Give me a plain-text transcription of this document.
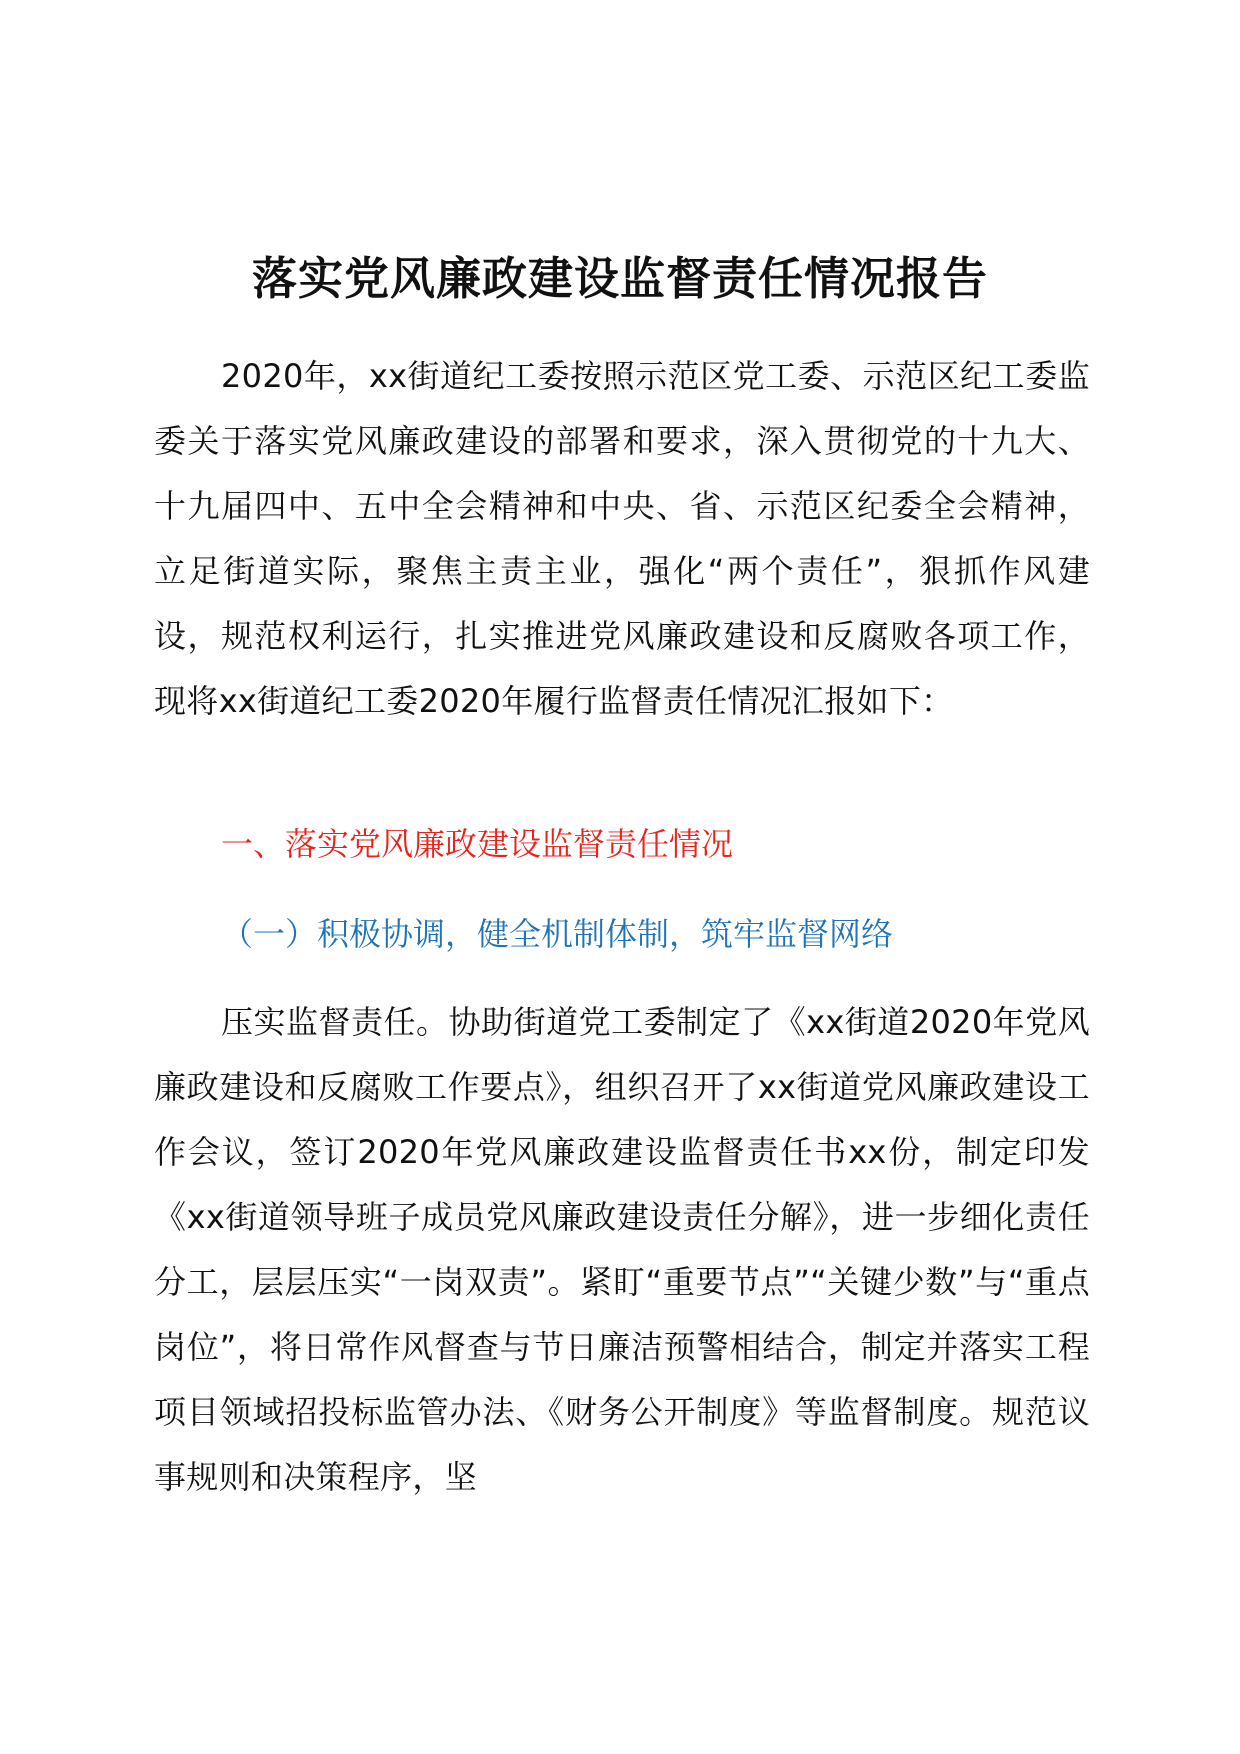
落实党风廉政建设监督责任情况报告

2020年，xx街道纪工委按照示范区党工委、示范区纪工委监委关于落实党风廉政建设的部署和要求，深入贯彻党的十九大、十九届四中、五中全会精神和中央、省、示范区纪委全会精神，立足街道实际，聚焦主责主业，强化“两个责任”，狠抓作风建设，规范权利运行，扎实推进党风廉政建设和反腐败各项工作，现将xx街道纪工委2020年履行监督责任情况汇报如下：

一、落实党风廉政建设监督责任情况
（一）积极协调，健全机制体制，筑牢监督网络

压实监督责任。协助街道党工委制定了《xx街道2020年党风廉政建设和反腐败工作要点》，组织召开了xx街道党风廉政建设工作会议，签订2020年党风廉政建设监督责任书xx份，制定印发《xx街道领导班子成员党风廉政建设责任分解》，进一步细化责任分工，层层压实“一岗双责”。紧盯“重要节点”“关键少数”与“重点岗位”，将日常作风督查与节日廉洁预警相结合，制定并落实工程项目领域招投标监管办法、《财务公开制度》等监督制度。规范议事规则和决策程序，坚
